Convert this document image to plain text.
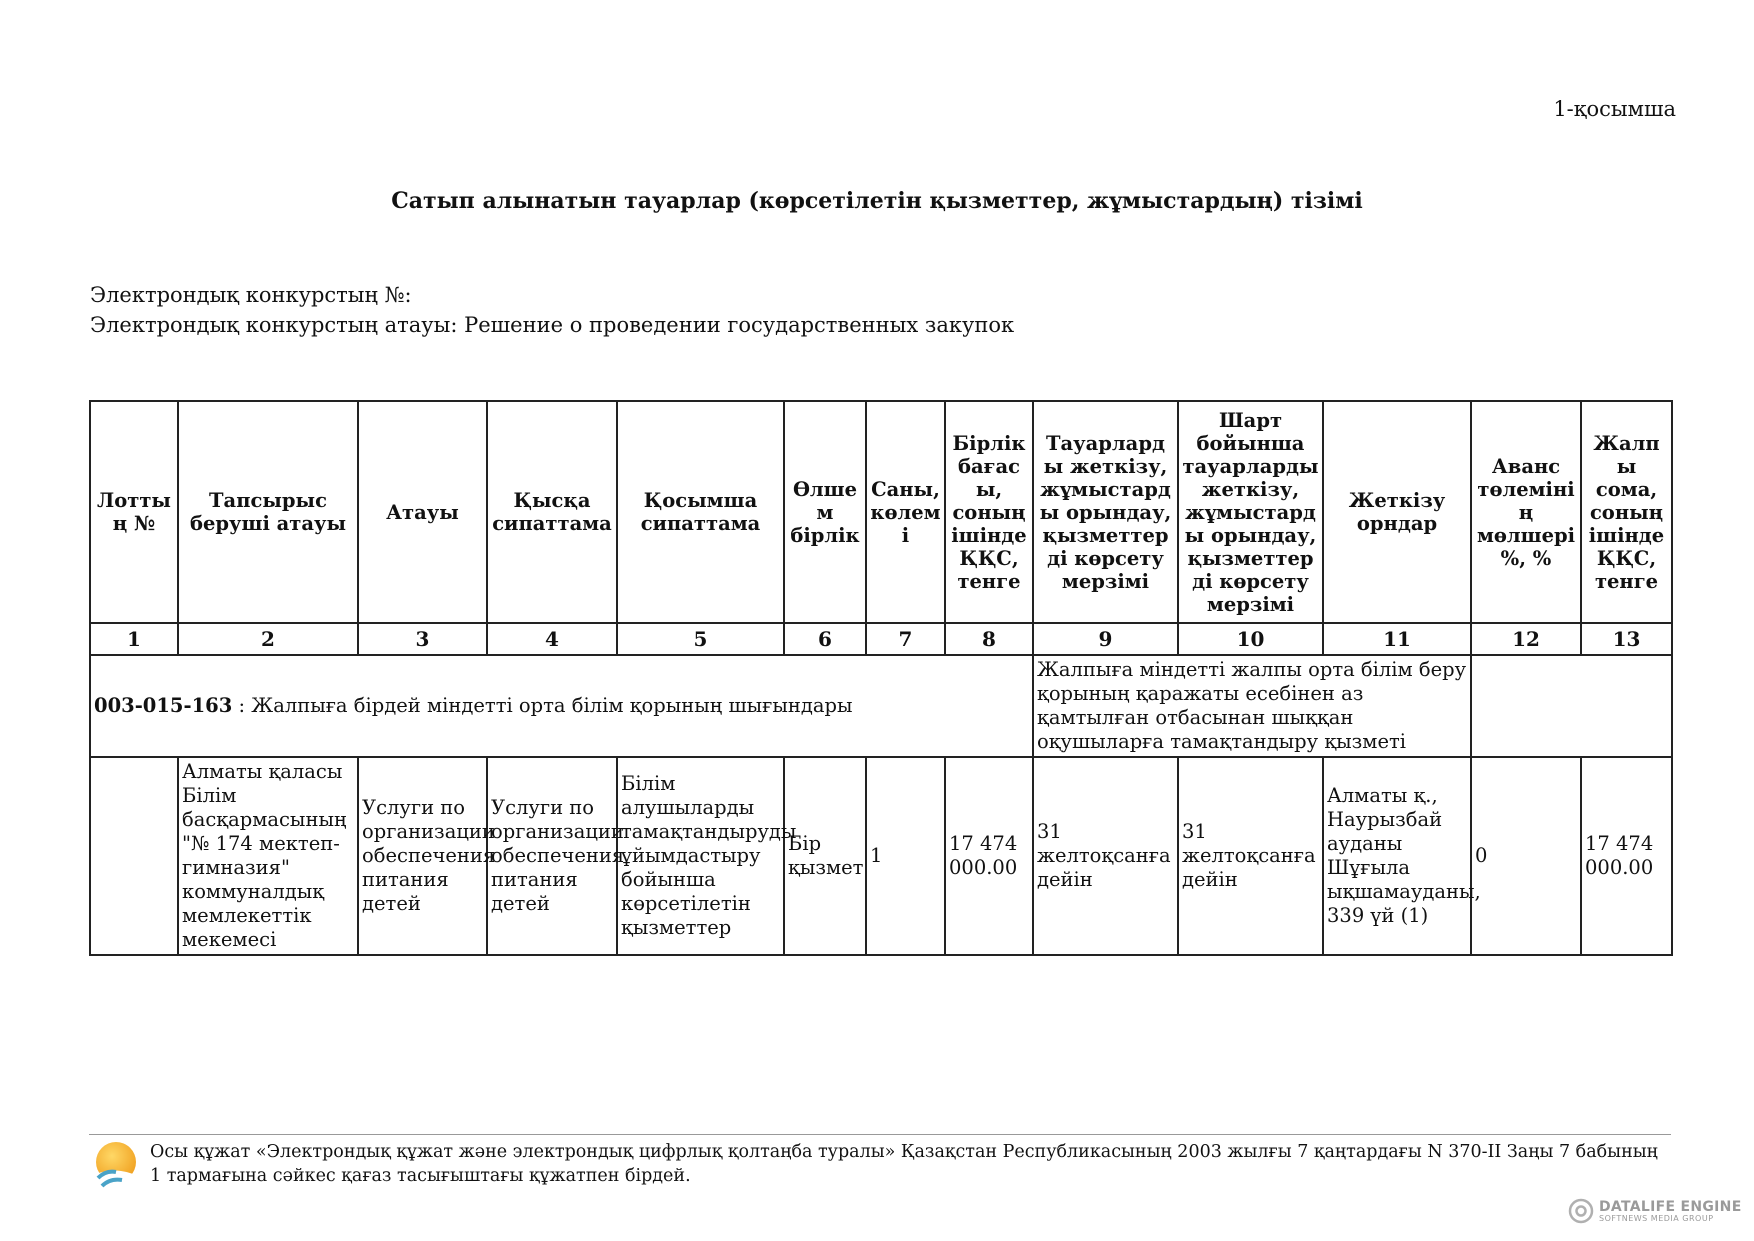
1-қосымша
Сатып алынатын тауарлар (көрсетілетін қызметтер, жұмыстардың) тізімі
Электрондық конкурстың №:
Электрондық конкурстың атауы: Решение о проведении государственных закупок
Лоттың №	Тапсырыс беруші атауы	Атауы	Қысқа сипаттама	Қосымша сипаттама	Өлшем бірлік	Саны, көлемі	Бірлік бағасы, соның ішінде ҚҚС, тенге	Тауарларды жеткізу, жұмыстарды орындау, қызметтерді көрсету мерзімі	Шарт бойынша тауарларды жеткізу, жұмыстарды орындау, қызметтерді көрсету мерзімі	Жеткізу орндар	Аванс төлемінің мөлшері %, %	Жалпы сома, соның ішінде ҚҚС, тенге
1	2	3	4	5	6	7	8	9	10	11	12	13
003-015-163 : Жалпыға бірдей міндетті орта білім қорының шығындары								Жалпыға міндетті жалпы орта білім беру қорының қаражаты есебінен аз қамтылған отбасынан шыққан оқушыларға тамақтандыру қызметі				
	Алматы қаласы Білім басқармасының "№ 174 мектеп-гимназия" коммуналдық мемлекеттік мекемесі	Услуги по организации обеспечения питания детей	Услуги по организации обеспечения питания детей	Білім алушыларды тамақтандыруды ұйымдастыру бойынша көрсетілетін қызметтер	Бір қызмет	1	17 474 000.00	31 желтоқсанға дейін	31 желтоқсанға дейін	Алматы қ., Наурызбай ауданы Шұғыла ықшамауданы, 339 үй (1)	0	17 474 000.00
Осы құжат «Электрондық құжат және электрондық цифрлық қолтаңба туралы» Қазақстан Республикасының 2003 жылғы 7 қаңтардағы N 370-II Заңы 7 бабының 1 тармағына сәйкес қағаз тасығыштағы құжатпен бірдей.
DATALIFE ENGINE
SOFTNEWS MEDIA GROUP
